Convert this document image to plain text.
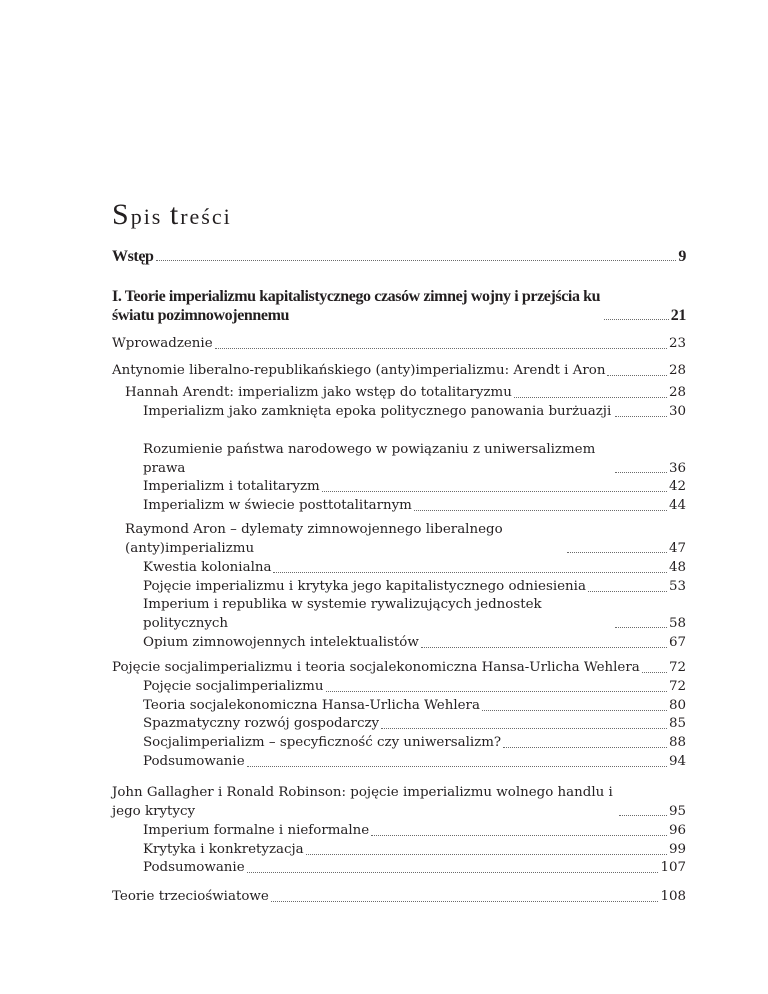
Spis treści
Wstęp	9
I. Teorie imperializmu kapitalistycznego czasów zimnej wojny i przejścia ku światu pozimnowojennemu	21
Wprowadzenie	23
Antynomie liberalno-republikańskiego (anty)imperializmu: Arendt i Aron	28
Hannah Arendt: imperializm jako wstęp do totalitaryzmu	28
Imperializm jako zamknięta epoka politycznego panowania burżuazji	30
Rozumienie państwa narodowego w powiązaniu z uniwersalizmem prawa	36
Imperializm i totalitaryzm	42
Imperializm w świecie posttotalitarnym	44
Raymond Aron – dylematy zimnowojennego liberalnego (anty)imperializmu	47
Kwestia kolonialna	48
Pojęcie imperializmu i krytyka jego kapitalistycznego odniesienia	53
Imperium i republika w systemie rywalizujących jednostek politycznych	58
Opium zimnowojennych intelektualistów	67
Pojęcie socjalimperializmu i teoria socjalekonomiczna Hansa-Urlicha Wehlera 72
Pojęcie socjalimperializmu	72
Teoria socjalekonomiczna Hansa-Urlicha Wehlera	80
Spazmatyczny rozwój gospodarczy	85
Socjalimperializm – specyficzność czy uniwersalizm?	88
Podsumowanie	94
John Gallagher i Ronald Robinson: pojęcie imperializmu wolnego handlu i jego krytycy	95
Imperium formalne i nieformalne	96
Krytyka i konkretyzacja	99
Podsumowanie	107
Teorie trzecioświatowe	108
